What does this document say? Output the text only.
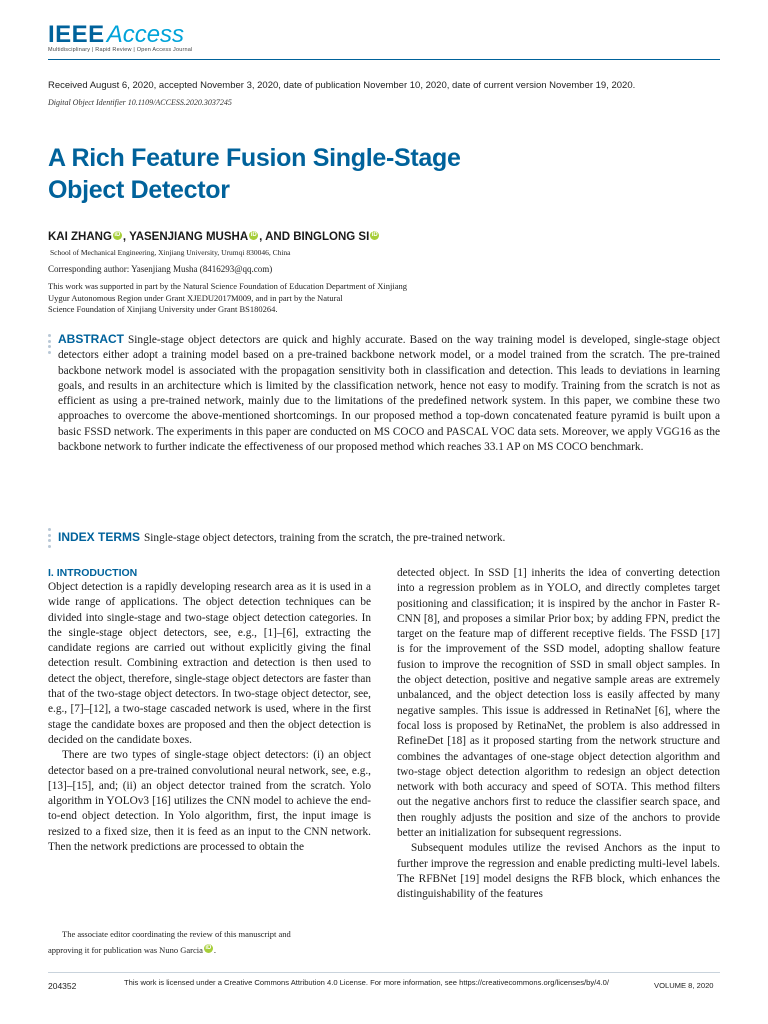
IEEEAccess
Multidisciplinary | Rapid Review | Open Access Journal
Received August 6, 2020, accepted November 3, 2020, date of publication November 10, 2020, date of current version November 19, 2020.
Digital Object Identifier 10.1109/ACCESS.2020.3037245
A Rich Feature Fusion Single-Stage
Object Detector
KAI ZHANG iD , YASENJIANG MUSHA iD , AND BINGLONG SI iD
School of Mechanical Engineering, Xinjiang University, Urumqi 830046, China
Corresponding author: Yasenjiang Musha (8416293@qq.com)
This work was supported in part by the Natural Science Foundation of Education Department of Xinjiang
Uygur Autonomous Region under Grant XJEDU2017M009, and in part by the Natural
Science Foundation of Xinjiang University under Grant BS180264.
ABSTRACT Single-stage object detectors are quick and highly accurate. Based on the way training model is developed, single-stage object detectors either adopt a training model based on a pre-trained backbone network model, or a model trained from the scratch. The pre-trained backbone network model is associated with the propagation sensitivity both in classification and detection. This leads to deviations in learning goals, and results in an architecture which is limited by the classification network, hence not easy to modify. Training from the scratch is not as efficient as using a pre-trained network, mainly due to the limitations of the predefined network system. In this paper, we combine these two approaches to overcome the above-mentioned shortcomings. In our proposed method a top-down concatenated feature pyramid is built upon a basic FSSD network. The experiments in this paper are conducted on MS COCO and PASCAL VOC data sets. Moreover, we apply VGG16 as the backbone network to further indicate the effectiveness of our proposed method which reaches 33.1 AP on MS COCO benchmark.
INDEX TERMS Single-stage object detectors, training from the scratch, the pre-trained network.
I. INTRODUCTION

Object detection is a rapidly developing research area as it is used in a wide range of applications. The object detection techniques can be divided into single-stage and two-stage object detection categories. In the single-stage object detectors, see, e.g., [1]–[6], extracting the candidate regions are carried out without explicitly giving the final detection result. Combining extraction and detection is then used to detect the object, therefore, single-stage object detectors are faster than that of the two-stage object detectors. In two-stage object detector, see, e.g., [7]–[12], a two-stage cascaded network is used, where in the first stage the candidate boxes are proposed and then the object detection is decided on the candidate boxes.

There are two types of single-stage object detectors: (i) an object detector based on a pre-trained convolutional neural network, see, e.g., [13]–[15], and; (ii) an object detector trained from the scratch. Yolo algorithm in YOLOv3 [16] utilizes the CNN model to achieve the end-to-end object detection. In Yolo algorithm, first, the input image is resized to a fixed size, then it is feed as an input to the CNN network. Then the network predictions are processed to obtain the

detected object. In SSD [1] inherits the idea of converting detection into a regression problem as in YOLO, and directly completes target positioning and classification; it is inspired by the anchor in Faster R-CNN [8], and proposes a similar Prior box; by adding FPN, predict the target on the feature map of different receptive fields. The FSSD [17] is for the improvement of the SSD model, adopting shallow feature fusion to improve the recognition of SSD in small object samples. In the object detection, positive and negative sample areas are extremely unbalanced, and the object detection loss is easily affected by many negative samples. This issue is addressed in RetinaNet [6], where the focal loss is proposed by RetinaNet, the problem is also addressed in RefineDet [18] as it proposed starting from the network structure and combines the advantages of one-stage object detection algorithm and two-stage object detection algorithm to redesign an object detection network with both accuracy and speed of SOTA. This method filters out the negative anchors first to reduce the classifier search space, and then roughly adjusts the position and size of the anchors to provide better an initialization for subsequent regressions.

Subsequent modules utilize the revised Anchors as the input to further improve the regression and enable predicting multi-level labels. The RFBNet [19] model designs the RFB block, which enhances the distinguishability of the features

The associate editor coordinating the review of this manuscript and
approving it for publication was Nuno Garcia iD .
204352	This work is licensed under a Creative Commons Attribution 4.0 License. For more information, see https://creativecommons.org/licenses/by/4.0/	VOLUME 8, 2020
